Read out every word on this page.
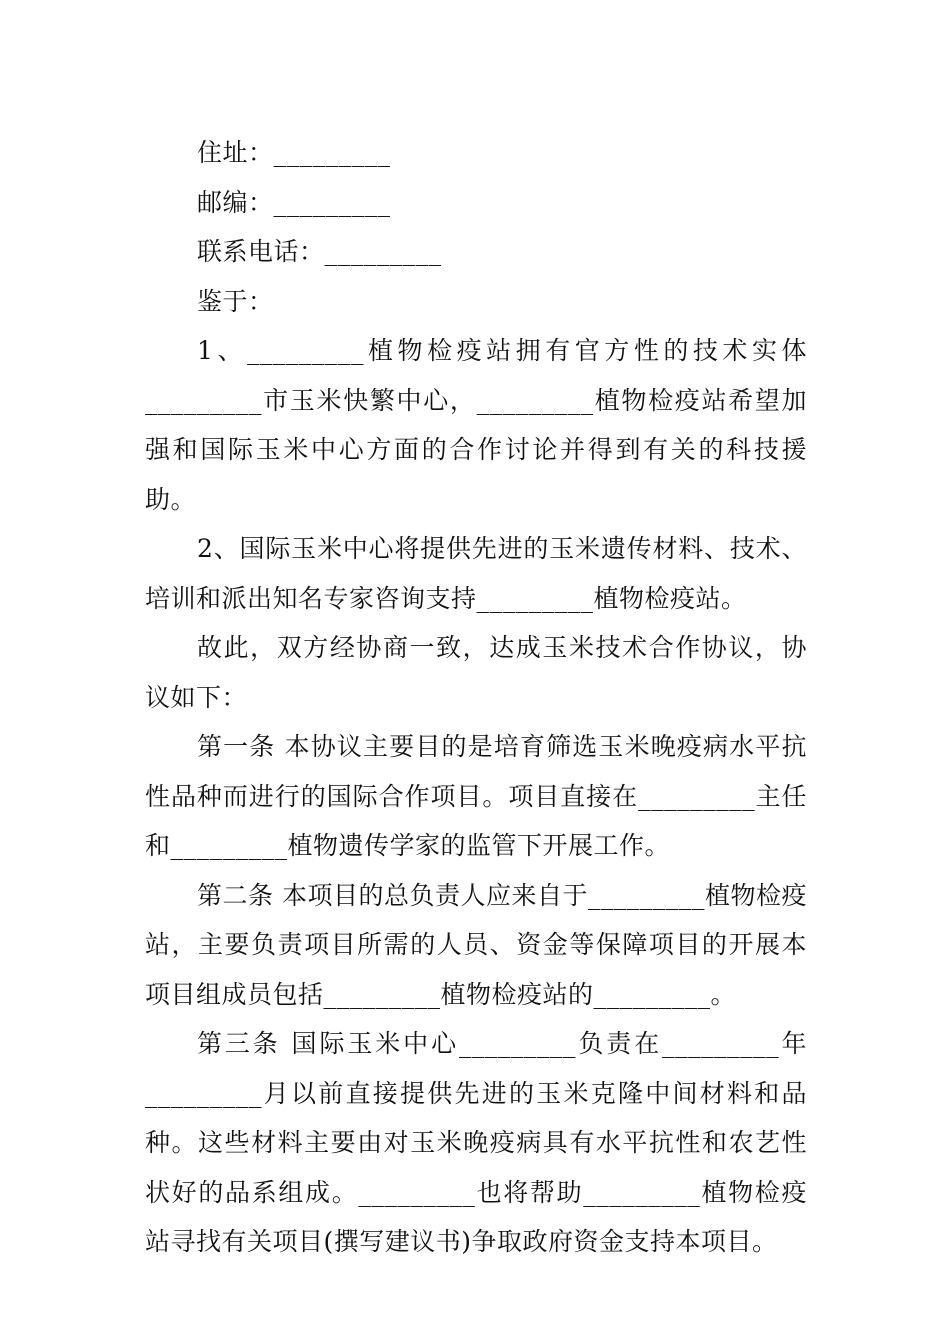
住址：_________

邮编：_________

联系电话：_________

鉴于：

1、_________植物检疫站拥有官方性的技术实体_________市玉米快繁中心，_________植物检疫站希望加强和国际玉米中心方面的合作讨论并得到有关的科技援助。

2、国际玉米中心将提供先进的玉米遗传材料、技术、培训和派出知名专家咨询支持_________植物检疫站。

故此，双方经协商一致，达成玉米技术合作协议，协议如下：

第一条 本协议主要目的是培育筛选玉米晚疫病水平抗性品种而进行的国际合作项目。项目直接在_________主任和_________植物遗传学家的监管下开展工作。

第二条 本项目的总负责人应来自于_________植物检疫站，主要负责项目所需的人员、资金等保障项目的开展本项目组成员包括_________植物检疫站的_________。

第三条 国际玉米中心_________负责在_________年_________月以前直接提供先进的玉米克隆中间材料和品种。这些材料主要由对玉米晚疫病具有水平抗性和农艺性状好的品系组成。_________也将帮助_________植物检疫站寻找有关项目(撰写建议书)争取政府资金支持本项目。
